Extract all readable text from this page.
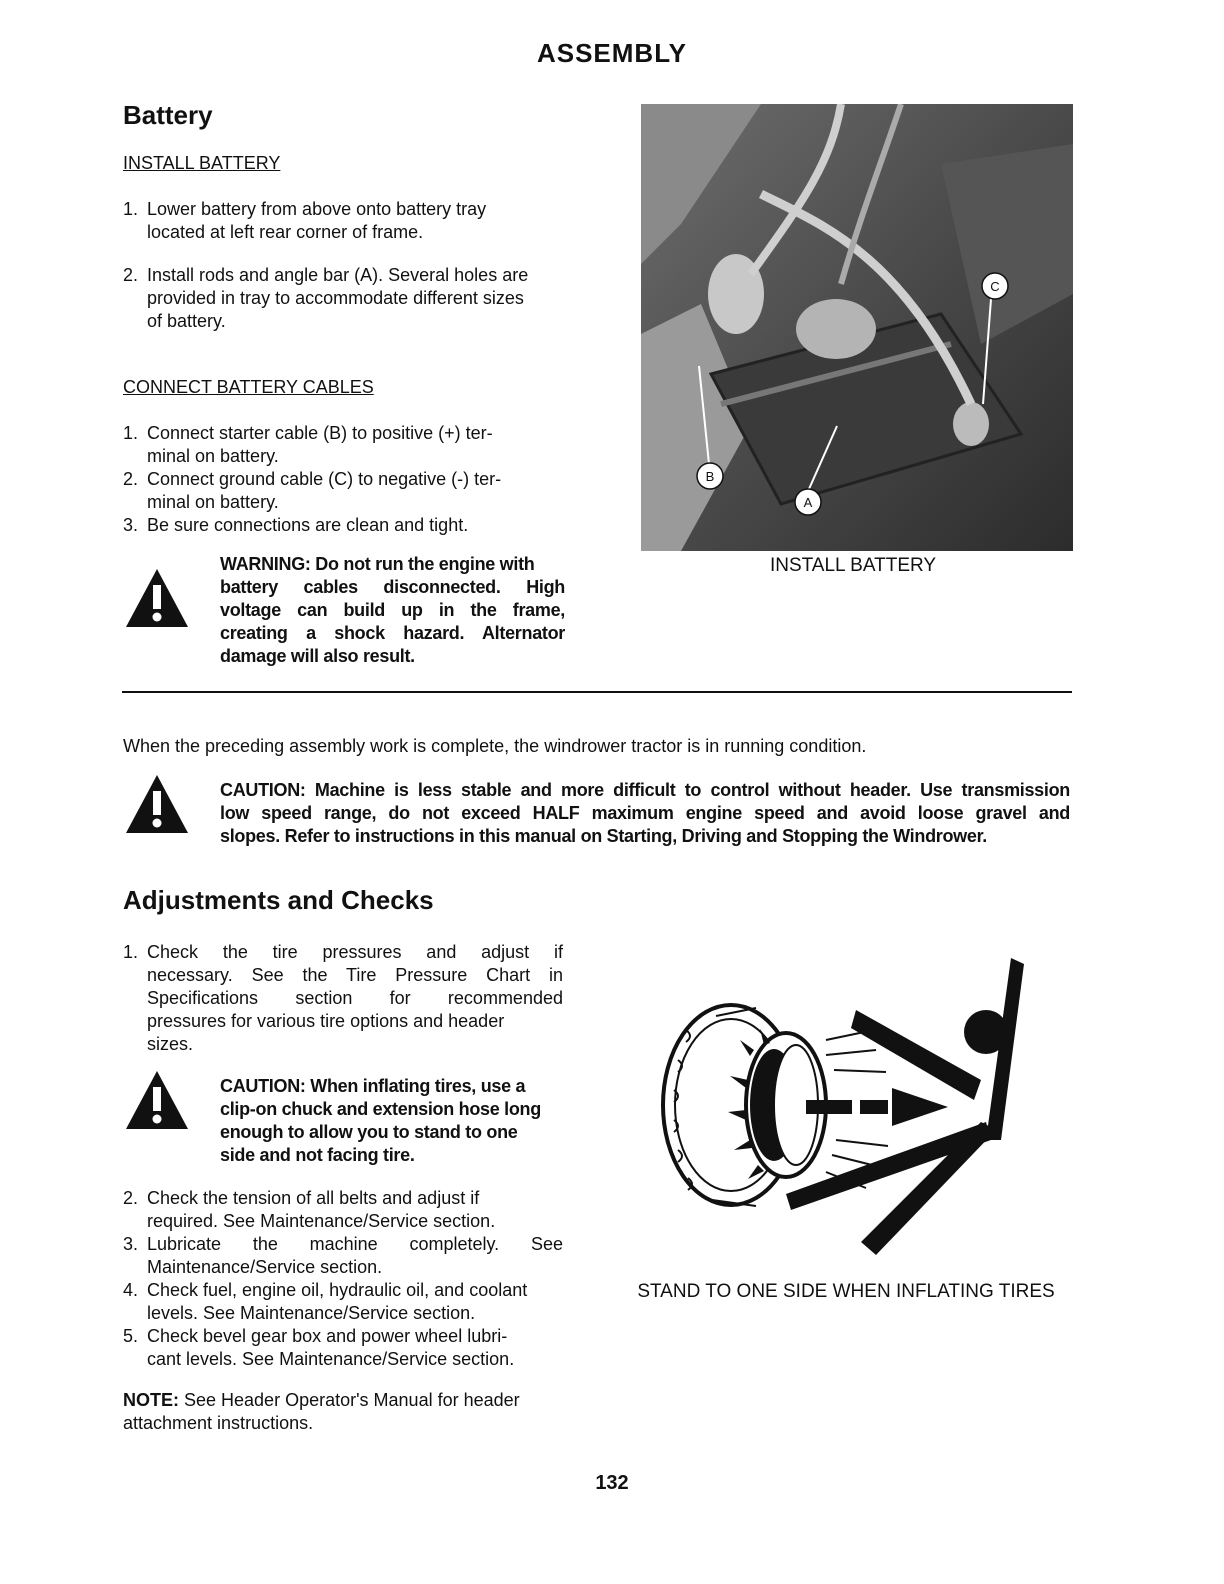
ASSEMBLY
Battery
INSTALL BATTERY
1. Lower battery from above onto battery tray
located at left rear corner of frame.
2. Install rods and angle bar (A). Several holes are
provided in tray to accommodate different sizes
of battery.
CONNECT BATTERY CABLES
1. Connect starter cable (B) to positive (+) ter-
minal on battery.
2. Connect ground cable (C) to negative (-) ter-
minal on battery.
3. Be sure connections are clean and tight.
WARNING: Do not run the engine with
battery cables disconnected. High
voltage can build up in the frame,
creating a shock hazard. Alternator
damage will also result.
B
A
C
INSTALL BATTERY
When the preceding assembly work is complete, the windrower tractor is in running condition.
CAUTION: Machine is less stable and more difficult to control without header. Use transmission
low speed range, do not exceed HALF maximum engine speed and avoid loose gravel and
slopes. Refer to instructions in this manual on Starting, Driving and Stopping the Windrower.
Adjustments and Checks
1. Check the tire pressures and adjust if
necessary. See the Tire Pressure Chart in
Specifications section for recommended
pressures for various tire options and header
sizes.
CAUTION: When inflating tires, use a
clip-on chuck and extension hose long
enough to allow you to stand to one
side and not facing tire.
2. Check the tension of all belts and adjust if
required. See Maintenance/Service section.
3. Lubricate the machine completely. See
Maintenance/Service section.
4. Check fuel, engine oil, hydraulic oil, and coolant
levels. See Maintenance/Service section.
5. Check bevel gear box and power wheel lubri-
cant levels. See Maintenance/Service section.
NOTE: See Header Operator's Manual for header
attachment instructions.
STAND TO ONE SIDE WHEN INFLATING TIRES
132
